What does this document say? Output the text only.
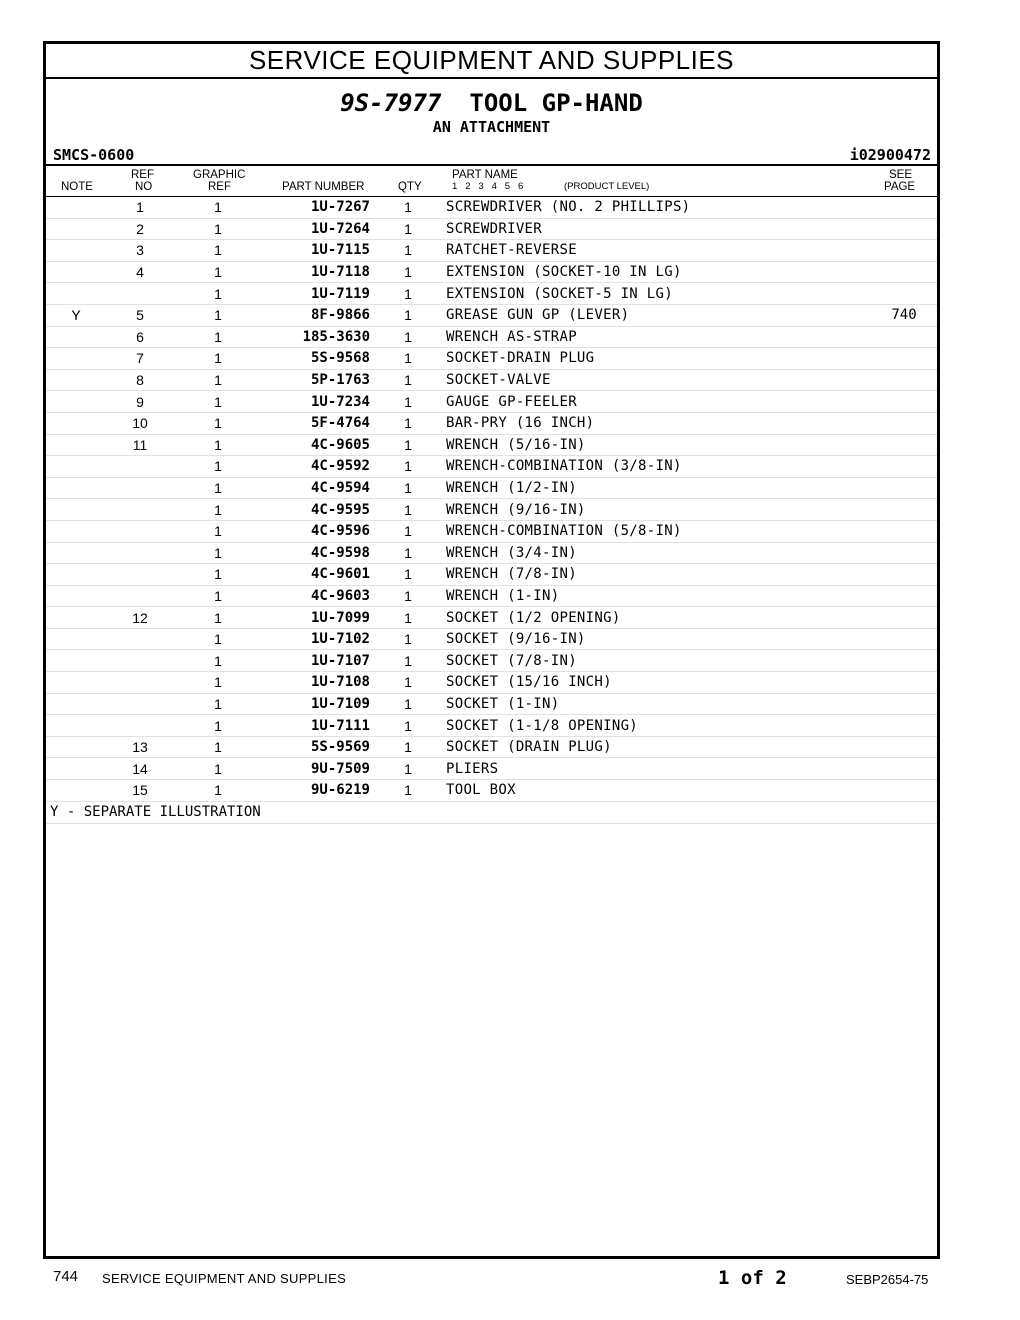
SERVICE EQUIPMENT AND SUPPLIES
9S-7977 TOOL GP-HAND
AN ATTACHMENT
SMCS-0600	i02900472
NOTE
REF
NO
GRAPHIC
REF	PART NUMBER	QTY
PART NAME
1   2   3   4   5   6	(PRODUCT LEVEL)
SEE
PAGE
	1	1	1U-7267	1	SCREWDRIVER (NO. 2 PHILLIPS)	
	2	1	1U-7264	1	SCREWDRIVER	
	3	1	1U-7115	1	RATCHET-REVERSE	
	4	1	1U-7118	1	EXTENSION (SOCKET-10 IN LG)	
		1	1U-7119	1	EXTENSION (SOCKET-5 IN LG)	
Y	5	1	8F-9866	1	GREASE GUN GP (LEVER)	740
	6	1	185-3630	1	WRENCH AS-STRAP	
	7	1	5S-9568	1	SOCKET-DRAIN PLUG	
	8	1	5P-1763	1	SOCKET-VALVE	
	9	1	1U-7234	1	GAUGE GP-FEELER	
	10	1	5F-4764	1	BAR-PRY (16 INCH)	
	11	1	4C-9605	1	WRENCH (5/16-IN)	
		1	4C-9592	1	WRENCH-COMBINATION (3/8-IN)	
		1	4C-9594	1	WRENCH (1/2-IN)	
		1	4C-9595	1	WRENCH (9/16-IN)	
		1	4C-9596	1	WRENCH-COMBINATION (5/8-IN)	
		1	4C-9598	1	WRENCH (3/4-IN)	
		1	4C-9601	1	WRENCH (7/8-IN)	
		1	4C-9603	1	WRENCH (1-IN)	
	12	1	1U-7099	1	SOCKET (1/2 OPENING)	
		1	1U-7102	1	SOCKET (9/16-IN)	
		1	1U-7107	1	SOCKET (7/8-IN)	
		1	1U-7108	1	SOCKET (15/16 INCH)	
		1	1U-7109	1	SOCKET (1-IN)	
		1	1U-7111	1	SOCKET (1-1/8 OPENING)	
	13	1	5S-9569	1	SOCKET (DRAIN PLUG)	
	14	1	9U-7509	1	PLIERS	
	15	1	9U-6219	1	TOOL BOX	
Y - SEPARATE ILLUSTRATION
744 SERVICE EQUIPMENT AND SUPPLIES	1 of 2	SEBP2654-75
